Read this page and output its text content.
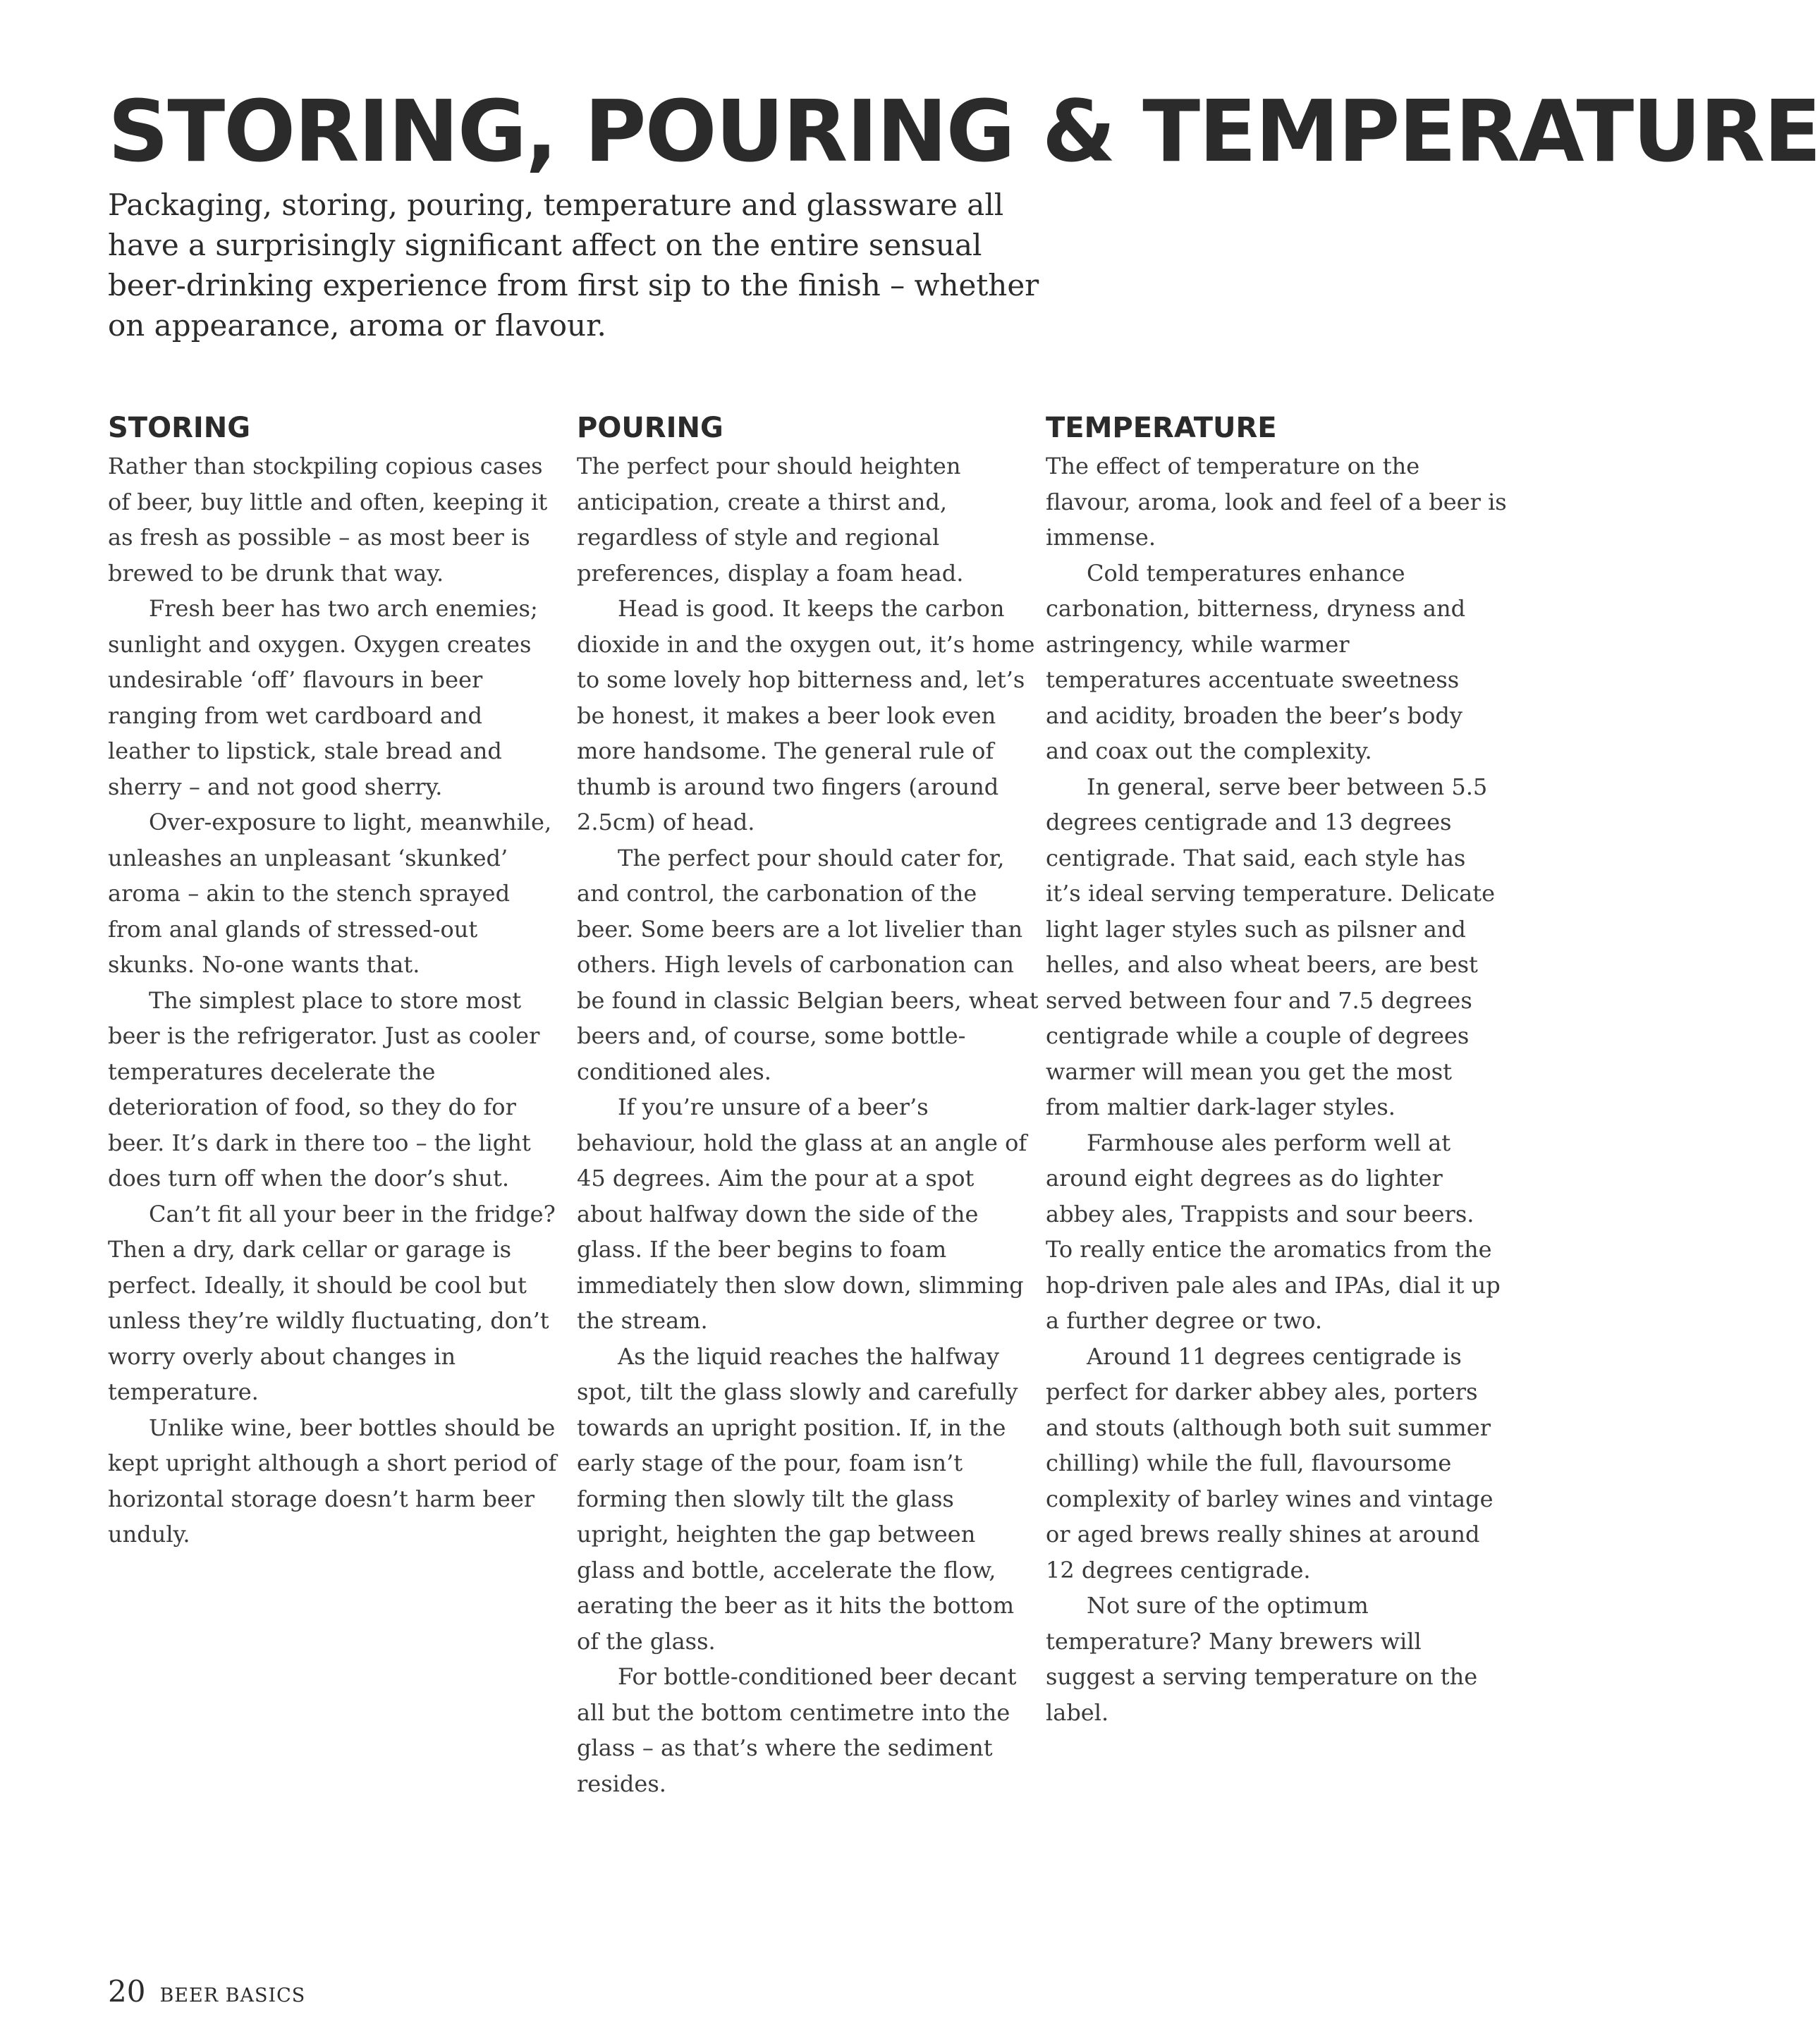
STORING, POURING & TEMPERATURE

Packaging, storing, pouring, temperature and glassware all have a surprisingly significant affect on the entire sensual beer-drinking experience from first sip to the finish – whether on appearance, aroma or flavour.

STORING

Rather than stockpiling copious cases of beer, buy little and often, keeping it as fresh as possible – as most beer is brewed to be drunk that way.

Fresh beer has two arch enemies; sunlight and oxygen. Oxygen creates undesirable ‘off’ flavours in beer ranging from wet cardboard and leather to lipstick, stale bread and sherry – and not good sherry.

Over-exposure to light, meanwhile, unleashes an unpleasant ‘skunked’ aroma – akin to the stench sprayed from anal glands of stressed-out skunks. No-one wants that.

The simplest place to store most beer is the refrigerator. Just as cooler temperatures decelerate the deterioration of food, so they do for beer. It’s dark in there too – the light does turn off when the door’s shut.

Can’t fit all your beer in the fridge? Then a dry, dark cellar or garage is perfect. Ideally, it should be cool but unless they’re wildly fluctuating, don’t worry overly about changes in temperature.

Unlike wine, beer bottles should be kept upright although a short period of horizontal storage doesn’t harm beer unduly.

POURING

The perfect pour should heighten anticipation, create a thirst and, regardless of style and regional preferences, display a foam head.

Head is good. It keeps the carbon dioxide in and the oxygen out, it’s home to some lovely hop bitterness and, let’s be honest, it makes a beer look even more handsome. The general rule of thumb is around two fingers (around 2.5cm) of head.

The perfect pour should cater for, and control, the carbonation of the beer. Some beers are a lot livelier than others. High levels of carbonation can be found in classic Belgian beers, wheat beers and, of course, some bottle-conditioned ales.

If you’re unsure of a beer’s behaviour, hold the glass at an angle of 45 degrees. Aim the pour at a spot about halfway down the side of the glass. If the beer begins to foam immediately then slow down, slimming the stream.

As the liquid reaches the halfway spot, tilt the glass slowly and carefully towards an upright position. If, in the early stage of the pour, foam isn’t forming then slowly tilt the glass upright, heighten the gap between glass and bottle, accelerate the flow, aerating the beer as it hits the bottom of the glass.

For bottle-conditioned beer decant all but the bottom centimetre into the glass – as that’s where the sediment resides.

TEMPERATURE

The effect of temperature on the flavour, aroma, look and feel of a beer is immense.

Cold temperatures enhance carbonation, bitterness, dryness and astringency, while warmer temperatures accentuate sweetness and acidity, broaden the beer’s body and coax out the complexity.

In general, serve beer between 5.5 degrees centigrade and 13 degrees centigrade. That said, each style has it’s ideal serving temperature. Delicate light lager styles such as pilsner and helles, and also wheat beers, are best served between four and 7.5 degrees centigrade while a couple of degrees warmer will mean you get the most from maltier dark-lager styles.

Farmhouse ales perform well at around eight degrees as do lighter abbey ales, Trappists and sour beers. To really entice the aromatics from the hop-driven pale ales and IPAs, dial it up a further degree or two.

Around 11 degrees centigrade is perfect for darker abbey ales, porters and stouts (although both suit summer chilling) while the full, flavoursome complexity of barley wines and vintage or aged brews really shines at around 12 degrees centigrade.

Not sure of the optimum temperature? Many brewers will suggest a serving temperature on the label.

20 BEER BASICS
